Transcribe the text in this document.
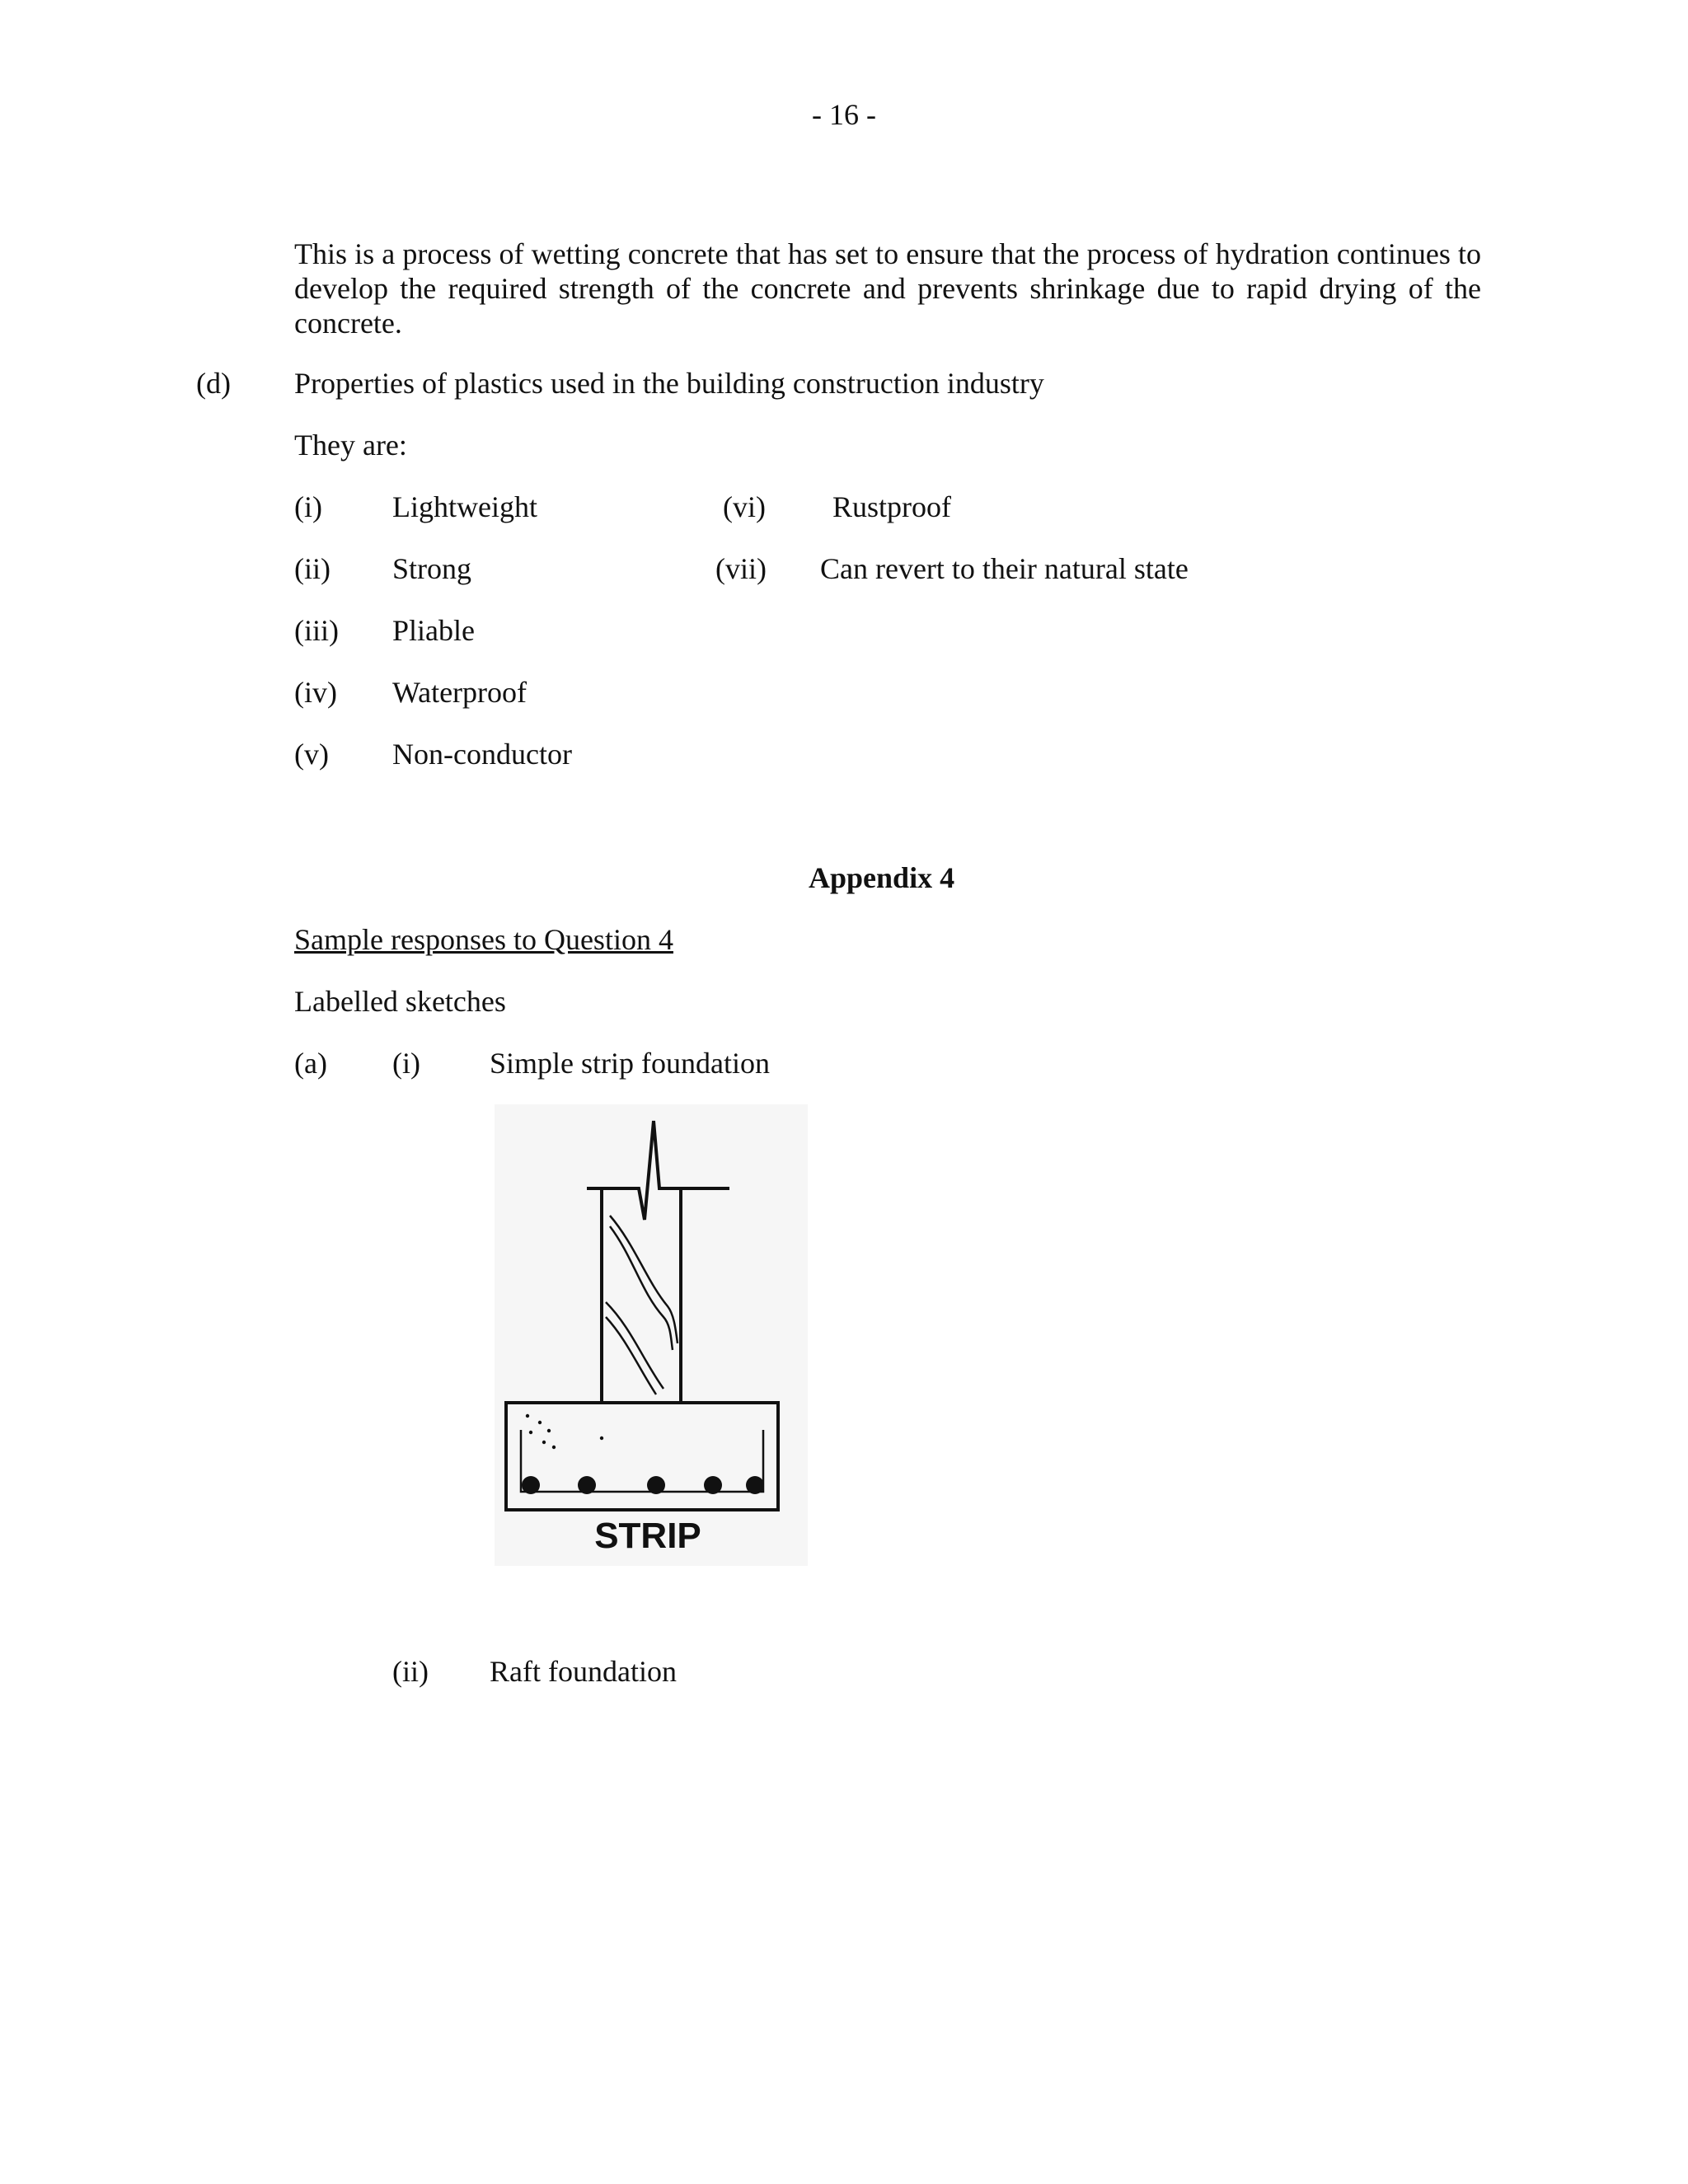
- 16 -
This is a process of wetting concrete that has set to ensure that the process of hydration continues to develop the required strength of the concrete and prevents shrinkage due to rapid drying of the concrete.
(d) Properties of plastics used in the building construction industry
They are:
(i) Lightweight
(ii) Strong
(iii) Pliable
(iv) Waterproof
(v) Non-conductor
(vi) Rustproof
(vii) Can revert to their natural state
Appendix 4
Sample responses to Question 4
Labelled sketches
(a) (i) Simple strip foundation
STRIP
(ii) Raft foundation
